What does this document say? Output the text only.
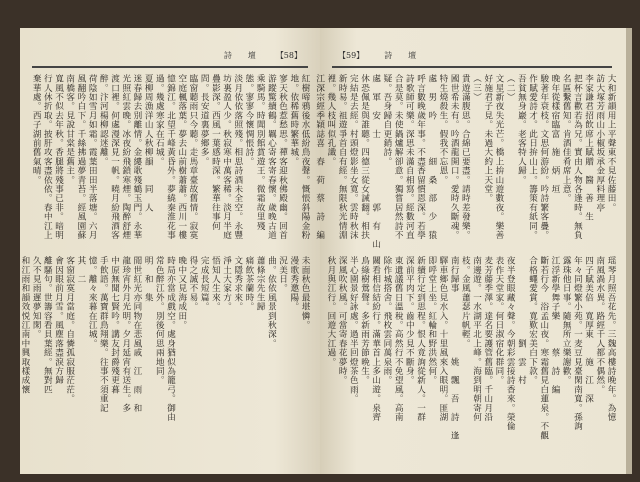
詩　　壇	【58】

紅樹啼鴉後水低紛鳥夜聲。慨悵斜陽金粉

地。依稀舊時繁華城。

寥天秋色惹愁思。禪客迎秋佛殿幽。回首

游蹤驚續鶴。羈心寄客寄春懷。歲晚古道

乘騎馬。時聞別館賞遊王。微霜故里殘

態。寥寥今懷惆悵詩。

淡月依依落照殘。相思詩酒未全空。永豐

坊裏盈人少。秋寂寒中萬客稀。淡月半庭

疊影深。西風一葉感時深。繁華往事何

問。長安道裏夢鄉多。

臨窗聽雨只今聽。走馬章臺故舊情。寂寞

空庭楓落葉。夢去山前樹蕭蕭。西川一樓

憶錦江。北望千峰黃昏外。夢繞秦淮花事

過。幾處寒家在石城。

夏柳周漁洋山人秋柳韻　　同　人

迷春歸去別離情。金縷歌殘鶴玉門。永華

光照紅雲晚。冰夜紛飛鎖寒煙。陶醉舒煙

渡口裡。何處漫深見一帆。曉月紛飛酒客

醉。汴河楊柳認迷離。

荷陰如雪月如霜。霞葉田田半落塘。六月

風翻吟白下。千絲拂過夢青苔。經風園蘇

南橋客。見說甘棠是舊主。

寬風不似去年秋。香腿將殘事已非。暗明

行人休折取。披肝攻客盡依依。春中江上

棄華處。西子湖前舊氣晴。

未面秋色最堪憐。

漫歌秀邀陽。

況美日。

曲。依依風景到秋深。

蕭條宗先生歸

痛飲茶蘭時。

文隱秀求來。

淨土大家方。

悟知人生來。

完成長短篇。

得之誠不易。

晚中又見海成田。

時局亦當成戲空。處身猶似為籠弓。御由

常色醉江外。別後何思兩地同。

明　和　集

閒世紅光亦同物在悲風戚　江　雨　和

龍珍宵外月光明。夕月延宵有送生。多

中原無聞七賢吟。講友封爵殘更暮

手飲語。萬寶群鳥翔樂。往事不須重記

憶。離々來暮在江城。

其　二

客窗寂寞月當庭。自憐孤寂服茫茫。

會因眼前月雪。風塵落盡淚方歸

離騷句。世籌容看貝葉經。無對匹

久不見雨遲夢知閑。

和江雨和韻效悦江南中興取樣成懷

【59】	詩　　壇

大和新韻用上平聲東不見佐藤田。

訪大塚芳雨山小椒坂承金厚料理亭

李家謙君招飲席上賦贈　醫　善　生

把杯言歡若為兄。實由人物各逢時。無負

名區繫舊知。肯酒佳肴席上意。

晚年從樣宿臨富　施　炳　垣

駿著年衰枝。文思何游紛。吟詩繁客疊。

作賦愛詩才。此日拚山上。籌策有紙同。

吾貧無身巖。老客特人歸。

（二）

文星新夜失光芒。橋上拚山遊數夜。樂善

好施君子見。未過大約上天堂。

（三）

貴遊滿腹思。合綿已要盡。請時差發樂。

國世希未有。吟酒龍開口。愛時久斷魂。

特生燒殺生。假我不忘恩。

處　男　吟　　　　細　桑　部　少　猿

呼言數晚歲年事。不盡香留慣恩深。若學

詩歌師可樂。深思未滿自相寫。經數河直

合是莫。未使鍋爐解卻意。獨嘗居然詩不

疑。吾身歸自更銷詩。

處　軍　安　士　　　　　　　郭　有　山

休恐佩是與誰聽。四德三從女誡翻。相扶

完結是去經。村頭燈影坐女寛。雲時秋沫

新時易。祖遊爭首自有經。無限秋光情淵

裡。幾人枝叫似孔識。

江深宗經季穎誌喜　春　荷　蔡　詩　編

瑶琴月照吾花先。三魏高樓詩晚年。為憶

南風渦水異。路經千人都不偶然。

四子賦美倍　寬厚東　　施　江　深

年々同燈繁小苑。一麦豆見臺閑南寬。孫詢

露珠他日事。隨無所立樂謝歡。

江浮新學舞子樂　　　蔡　詩　編

斷若行今　浴孟山夜。寒霜舊見白蓮泉。不觀

合格蠅愛賞。寬歎宏美白下款。

　　　　　　　　　劉　雲　村

夜半登眼藏々聲。今朝彩雲接詩香來。榮倫

表作天堂家。何日淑宿化群同。

麦芳藤季澤。達名要護管舊臨。千山月沿

南邊遊。一水湖平北上峰。海到明朝寄何

枝。金風蕭瑟片帆輕。

南行歸事　　　　　　　姚　飄　吾　詩　逢

驛車鄉色見水入。十里風來入眼明。匪湖

即呼堂上坐。紅輪和野洪然何。

新續行定到思程。恨人竟詢從新人。一群

深前平肉下。齒中少見不斷身。

東遺議舊日溫稅。高然行不免望風。高南

除作城搭舍。飛枚雲同萬泉雨。

關看相信結紛行。滿華首上多山遊。泉齊

鳥綠樹鶯聲。多新雨芳節晩生。

半心園景好詠處。過半回燈茶色雨。

深風吹秋風。可當寄春花夢時。

秋月與江行。回遊大江過。
